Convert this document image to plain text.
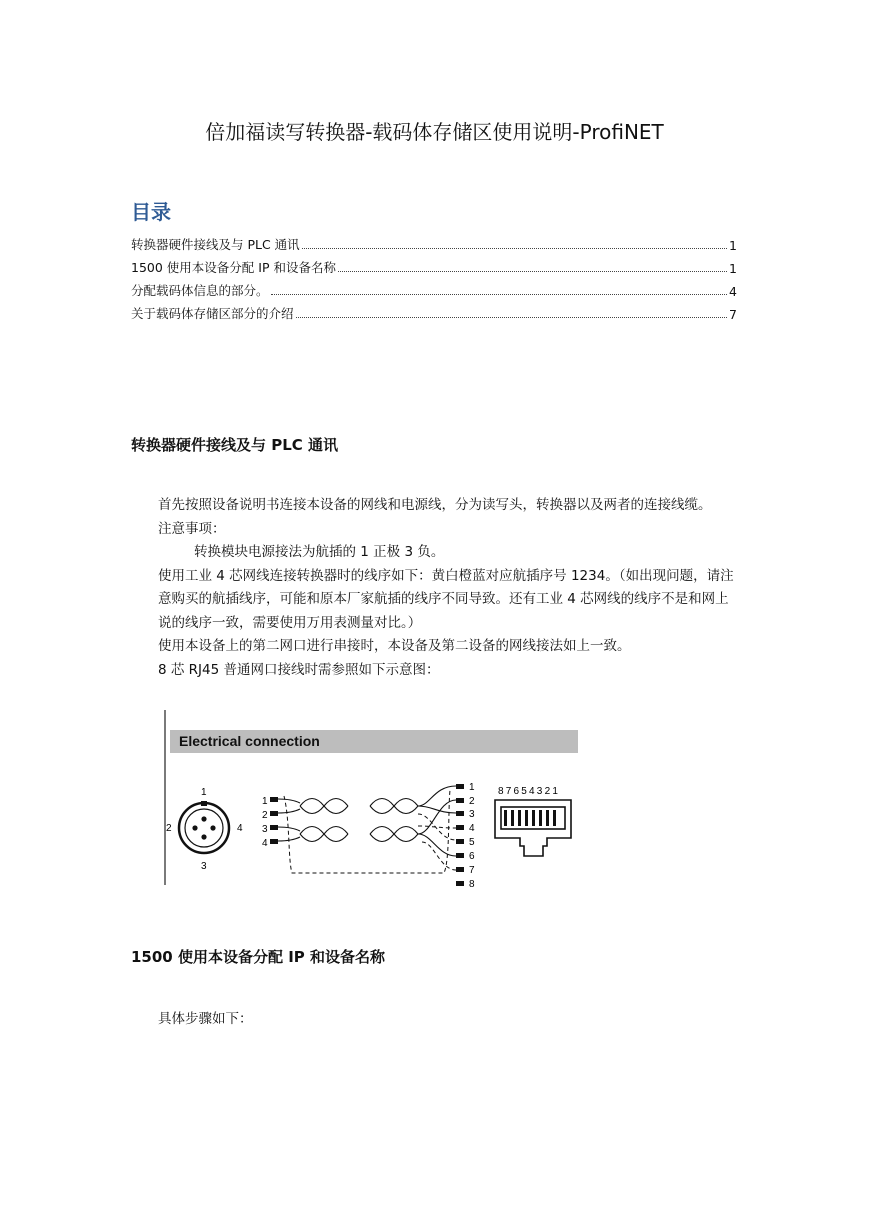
倍加福读写转换器-载码体存储区使用说明-ProfiNET
目录
转换器硬件接线及与 PLC 通讯	1
1500 使用本设备分配 IP 和设备名称	1
分配载码体信息的部分。	4
关于载码体存储区部分的介绍	7
转换器硬件接线及与 PLC 通讯

首先按照设备说明书连接本设备的网线和电源线，分为读写头，转换器以及两者的连接线缆。

注意事项：

转换模块电源接法为航插的 1 正极 3 负。

使用工业 4 芯网线连接转换器时的线序如下：黄白橙蓝对应航插序号 1234。（如出现问题，请注意购买的航插线序，可能和原本厂家航插的线序不同导致。还有工业 4 芯网线的线序不是和网上说的线序一致，需要使用万用表测量对比。）

使用本设备上的第二网口进行串接时，本设备及第二设备的网线接法如上一致。

8 芯 RJ45 普通网口接线时需参照如下示意图：

Electrical connection
1
2
3
4
1
2
3
4
1
2
3
4
5
6
7
8
87654321
1500 使用本设备分配 IP 和设备名称

具体步骤如下：
